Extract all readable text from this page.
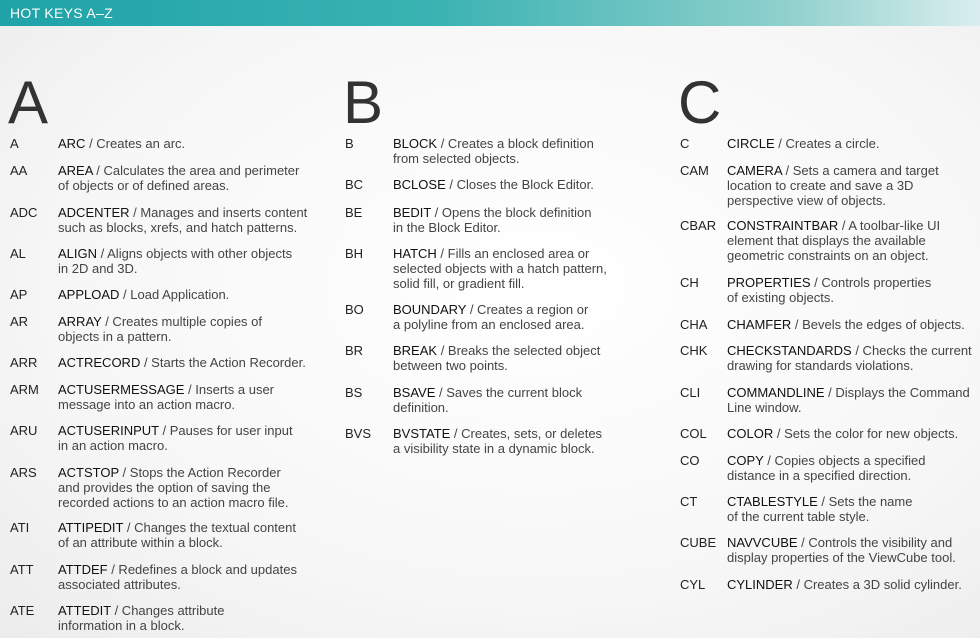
HOT KEYS A–Z
A
A	ARC / Creates an arc.
AA AREA / Calculates the area and perimeter
of objects or of defined areas.
ADC ADCENTER / Manages and inserts content
such as blocks, xrefs, and hatch patterns.
AL ALIGN / Aligns objects with other objects
in 2D and 3D.
AP APPLOAD / Load Application.
AR ARRAY / Creates multiple copies of
objects in a pattern.
ARR ACTRECORD / Starts the Action Recorder.
ARM ACTUSERMESSAGE / Inserts a user
message into an action macro.
ARU ACTUSERINPUT / Pauses for user input
in an action macro.
ARS ACTSTOP / Stops the Action Recorder
and provides the option of saving the
recorded actions to an action macro file.
ATI ATTIPEDIT / Changes the textual content
of an attribute within a block.
ATT ATTDEF / Redefines a block and updates
associated attributes.
ATE ATTEDIT / Changes attribute
information in a block.
B
B	BLOCK / Creates a block definition
from selected objects.
BC BCLOSE / Closes the Block Editor.
BE BEDIT / Opens the block definition
in the Block Editor.
BH HATCH / Fills an enclosed area or
selected objects with a hatch pattern,
solid fill, or gradient fill.
BO BOUNDARY / Creates a region or
a polyline from an enclosed area.
BR BREAK / Breaks the selected object
between two points.
BS BSAVE / Saves the current block
definition.
BVS BVSTATE / Creates, sets, or deletes
a visibility state in a dynamic block.
C
C	CIRCLE / Creates a circle.
CAM CAMERA / Sets a camera and target
location to create and save a 3D
perspective view of objects.
CBAR CONSTRAINTBAR / A toolbar-like UI
element that displays the available
geometric constraints on an object.
CH PROPERTIES / Controls properties
of existing objects.
CHA CHAMFER / Bevels the edges of objects.
CHK CHECKSTANDARDS / Checks the current
drawing for standards violations.
CLI COMMANDLINE / Displays the Command
Line window.
COL COLOR / Sets the color for new objects.
CO COPY / Copies objects a specified
distance in a specified direction.
CT CTABLESTYLE / Sets the name
of the current table style.
CUBE NAVVCUBE / Controls the visibility and
display properties of the ViewCube tool.
CYL CYLINDER / Creates a 3D solid cylinder.
